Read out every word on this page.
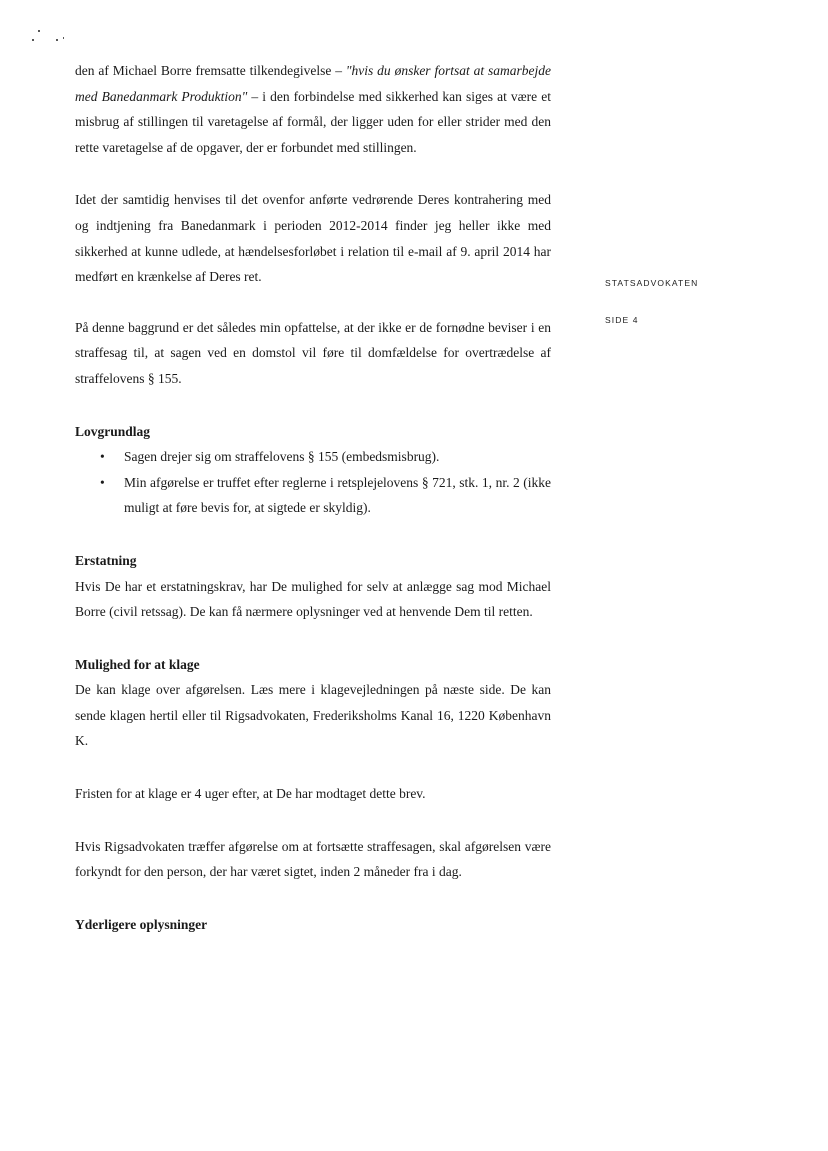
STATSADVOKATEN
SIDE 4

den af Michael Borre fremsatte tilkendegivelse – "hvis du ønsker fortsat at samarbejde med Banedanmark Produktion" – i den forbindelse med sikkerhed kan siges at være et misbrug af stillingen til varetagelse af formål, der ligger uden for eller strider med den rette varetagelse af de opgaver, der er forbundet med stillingen.

Idet der samtidig henvises til det ovenfor anførte vedrørende Deres kontrahering med og indtjening fra Banedanmark i perioden 2012-2014 finder jeg heller ikke med sikkerhed at kunne udlede, at hændelsesforløbet i relation til e-mail af 9. april 2014 har medført en krænkelse af Deres ret.

På denne baggrund er det således min opfattelse, at der ikke er de fornødne beviser i en straffesag til, at sagen ved en domstol vil føre til domfældelse for overtrædelse af straffelovens § 155.

Lovgrundlag
• Sagen drejer sig om straffelovens § 155 (embedsmisbrug).
• Min afgørelse er truffet efter reglerne i retsplejelovens § 721, stk. 1, nr. 2 (ikke muligt at føre bevis for, at sigtede er skyldig).
Erstatning

Hvis De har et erstatningskrav, har De mulighed for selv at anlægge sag mod Michael Borre (civil retssag). De kan få nærmere oplysninger ved at henvende Dem til retten.

Mulighed for at klage

De kan klage over afgørelsen. Læs mere i klagevejledningen på næste side. De kan sende klagen hertil eller til Rigsadvokaten, Frederiksholms Kanal 16, 1220 København K.

Fristen for at klage er 4 uger efter, at De har modtaget dette brev.

Hvis Rigsadvokaten træffer afgørelse om at fortsætte straffesagen, skal afgørelsen være forkyndt for den person, der har været sigtet, inden 2 måneder fra i dag.

Yderligere oplysninger
